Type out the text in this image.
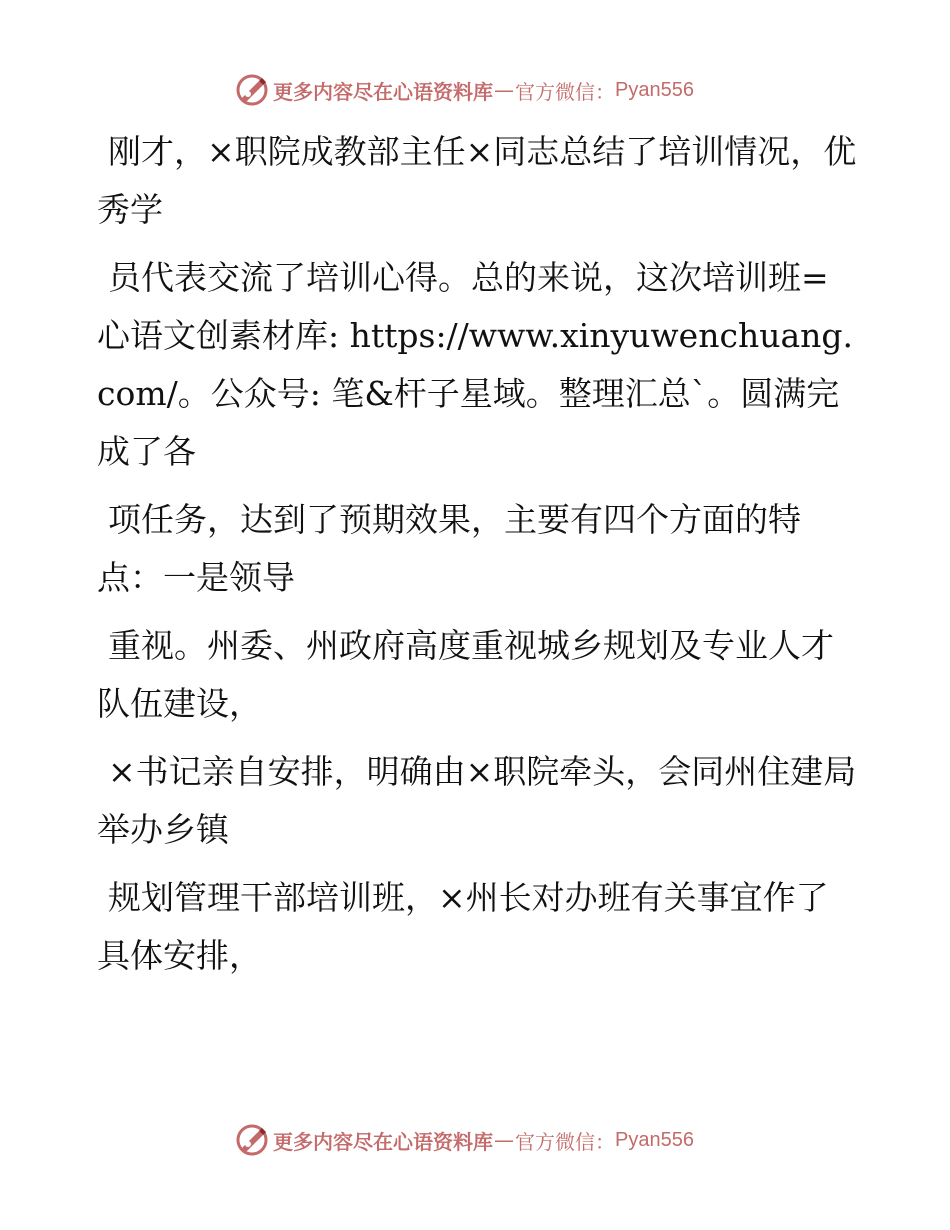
更多内容尽在心语资料库 — 官方微信： Pyan556

刚才，×职院成教部主任×同志总结了培训情况，优秀学

员代表交流了培训心得。总的来说，这次培训班=心语文创素材库: https://www.xinyuwenchuang.com/。公众号: 笔&杆子星域。整理汇总`。圆满完成了各

项任务，达到了预期效果，主要有四个方面的特点：一是领导

重视。州委、州政府高度重视城乡规划及专业人才队伍建设，

×书记亲自安排，明确由×职院牵头，会同州住建局举办乡镇

规划管理干部培训班，×州长对办班有关事宜作了具体安排，

更多内容尽在心语资料库 — 官方微信： Pyan556
